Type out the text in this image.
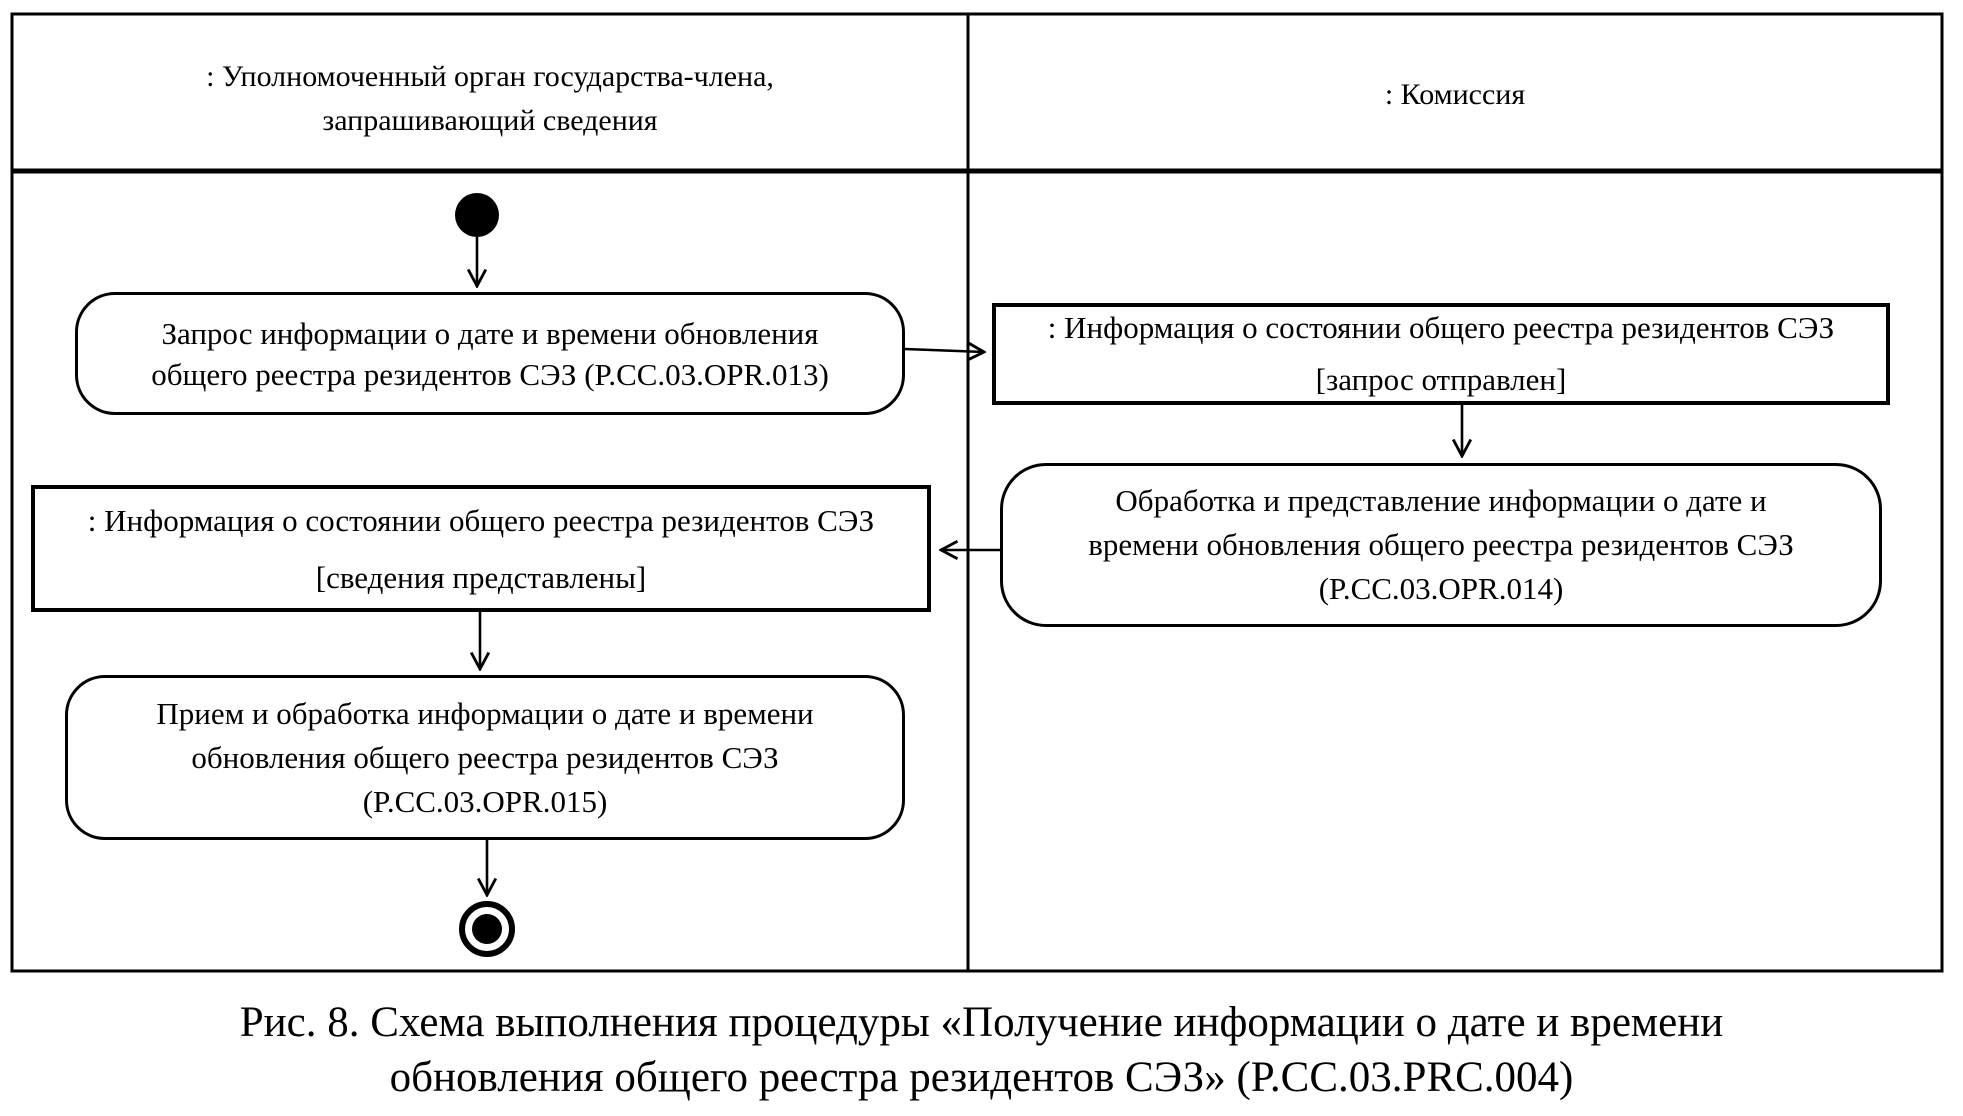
: Уполномоченный орган государства-члена,
запрашивающий сведения
: Комиссия
Запрос информации о дате и времени обновления
общего реестра резидентов СЭЗ (P.CC.03.OPR.013)
: Информация о состоянии общего реестра резидентов СЭЗ
[запрос отправлен]
Обработка и представление информации о дате и
времени обновления общего реестра резидентов СЭЗ
(P.CC.03.OPR.014)
: Информация о состоянии общего реестра резидентов СЭЗ
[сведения представлены]
Прием и обработка информации о дате и времени
обновления общего реестра резидентов СЭЗ
(P.CC.03.OPR.015)
Рис. 8. Схема выполнения процедуры «Получение информации о дате и времени
обновления общего реестра резидентов СЭЗ» (P.CC.03.PRC.004)
